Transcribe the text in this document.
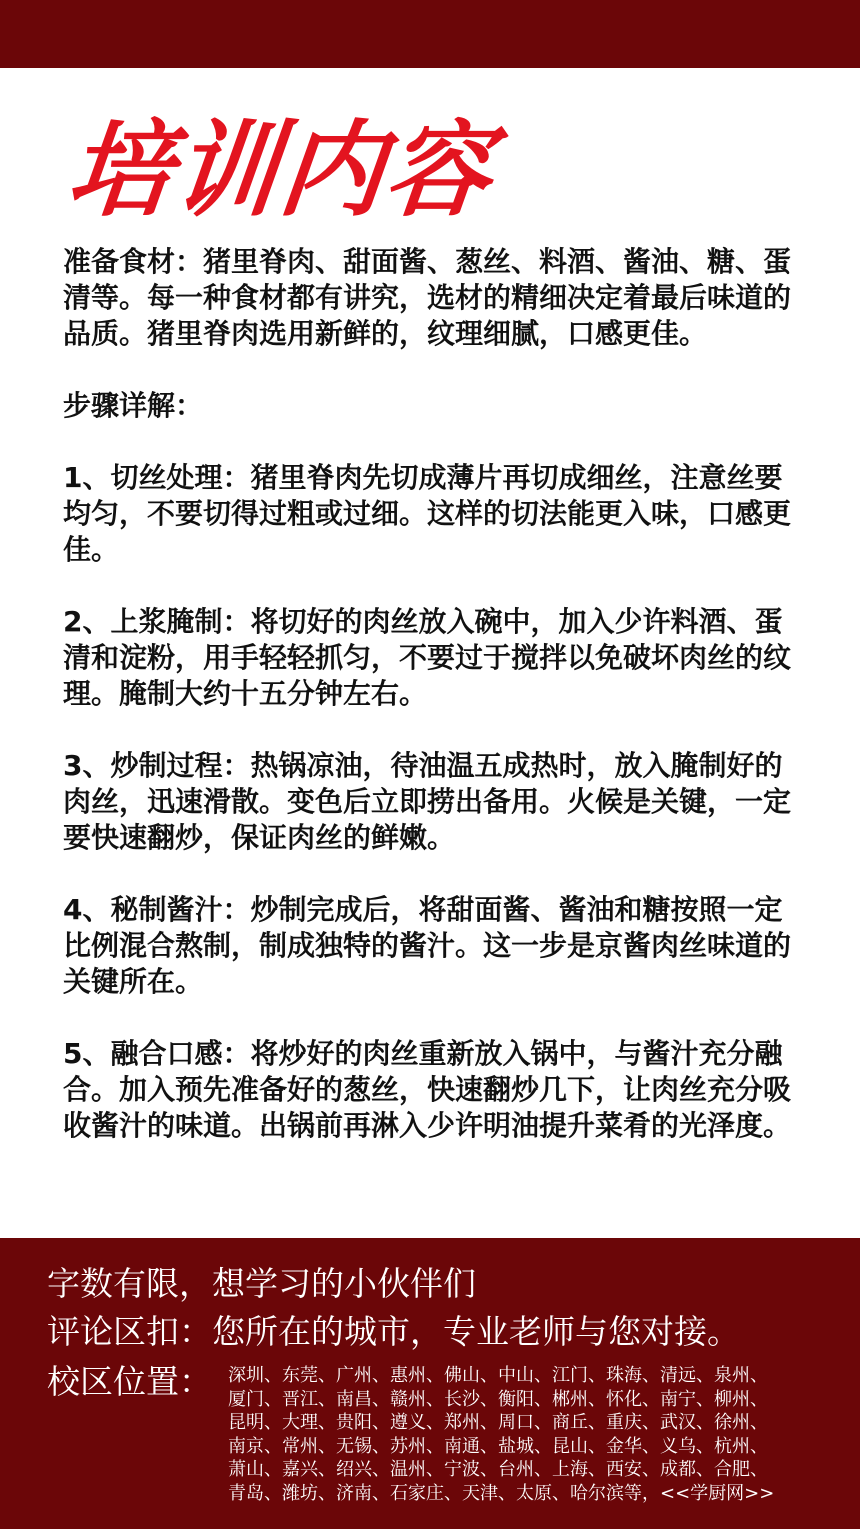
培训内容

准备食材：猪里脊肉、甜面酱、葱丝、料酒、酱油、糖、蛋清等。每一种食材都有讲究，选材的精细决定着最后味道的品质。猪里脊肉选用新鲜的，纹理细腻，口感更佳。

步骤详解：

1、切丝处理：猪里脊肉先切成薄片再切成细丝，注意丝要均匀，不要切得过粗或过细。这样的切法能更入味，口感更佳。

2、上浆腌制：将切好的肉丝放入碗中，加入少许料酒、蛋清和淀粉，用手轻轻抓匀，不要过于搅拌以免破坏肉丝的纹理。腌制大约十五分钟左右。

3、炒制过程：热锅凉油，待油温五成热时，放入腌制好的肉丝，迅速滑散。变色后立即捞出备用。火候是关键，一定要快速翻炒，保证肉丝的鲜嫩。

4、秘制酱汁：炒制完成后，将甜面酱、酱油和糖按照一定比例混合熬制，制成独特的酱汁。这一步是京酱肉丝味道的关键所在。

5、融合口感：将炒好的肉丝重新放入锅中，与酱汁充分融合。加入预先准备好的葱丝，快速翻炒几下，让肉丝充分吸收酱汁的味道。出锅前再淋入少许明油提升菜肴的光泽度。

字数有限，想学习的小伙伴们
评论区扣：您所在的城市，专业老师与您对接。
校区位置： 深圳、东莞、广州、惠州、佛山、中山、江门、珠海、清远、泉州、
厦门、晋江、南昌、赣州、长沙、衡阳、郴州、怀化、南宁、柳州、
昆明、大理、贵阳、遵义、郑州、周口、商丘、重庆、武汉、徐州、
南京、常州、无锡、苏州、南通、盐城、昆山、金华、义乌、杭州、
萧山、嘉兴、绍兴、温州、宁波、台州、上海、西安、成都、合肥、
青岛、潍坊、济南、石家庄、天津、太原、哈尔滨等，<<学厨网>>
